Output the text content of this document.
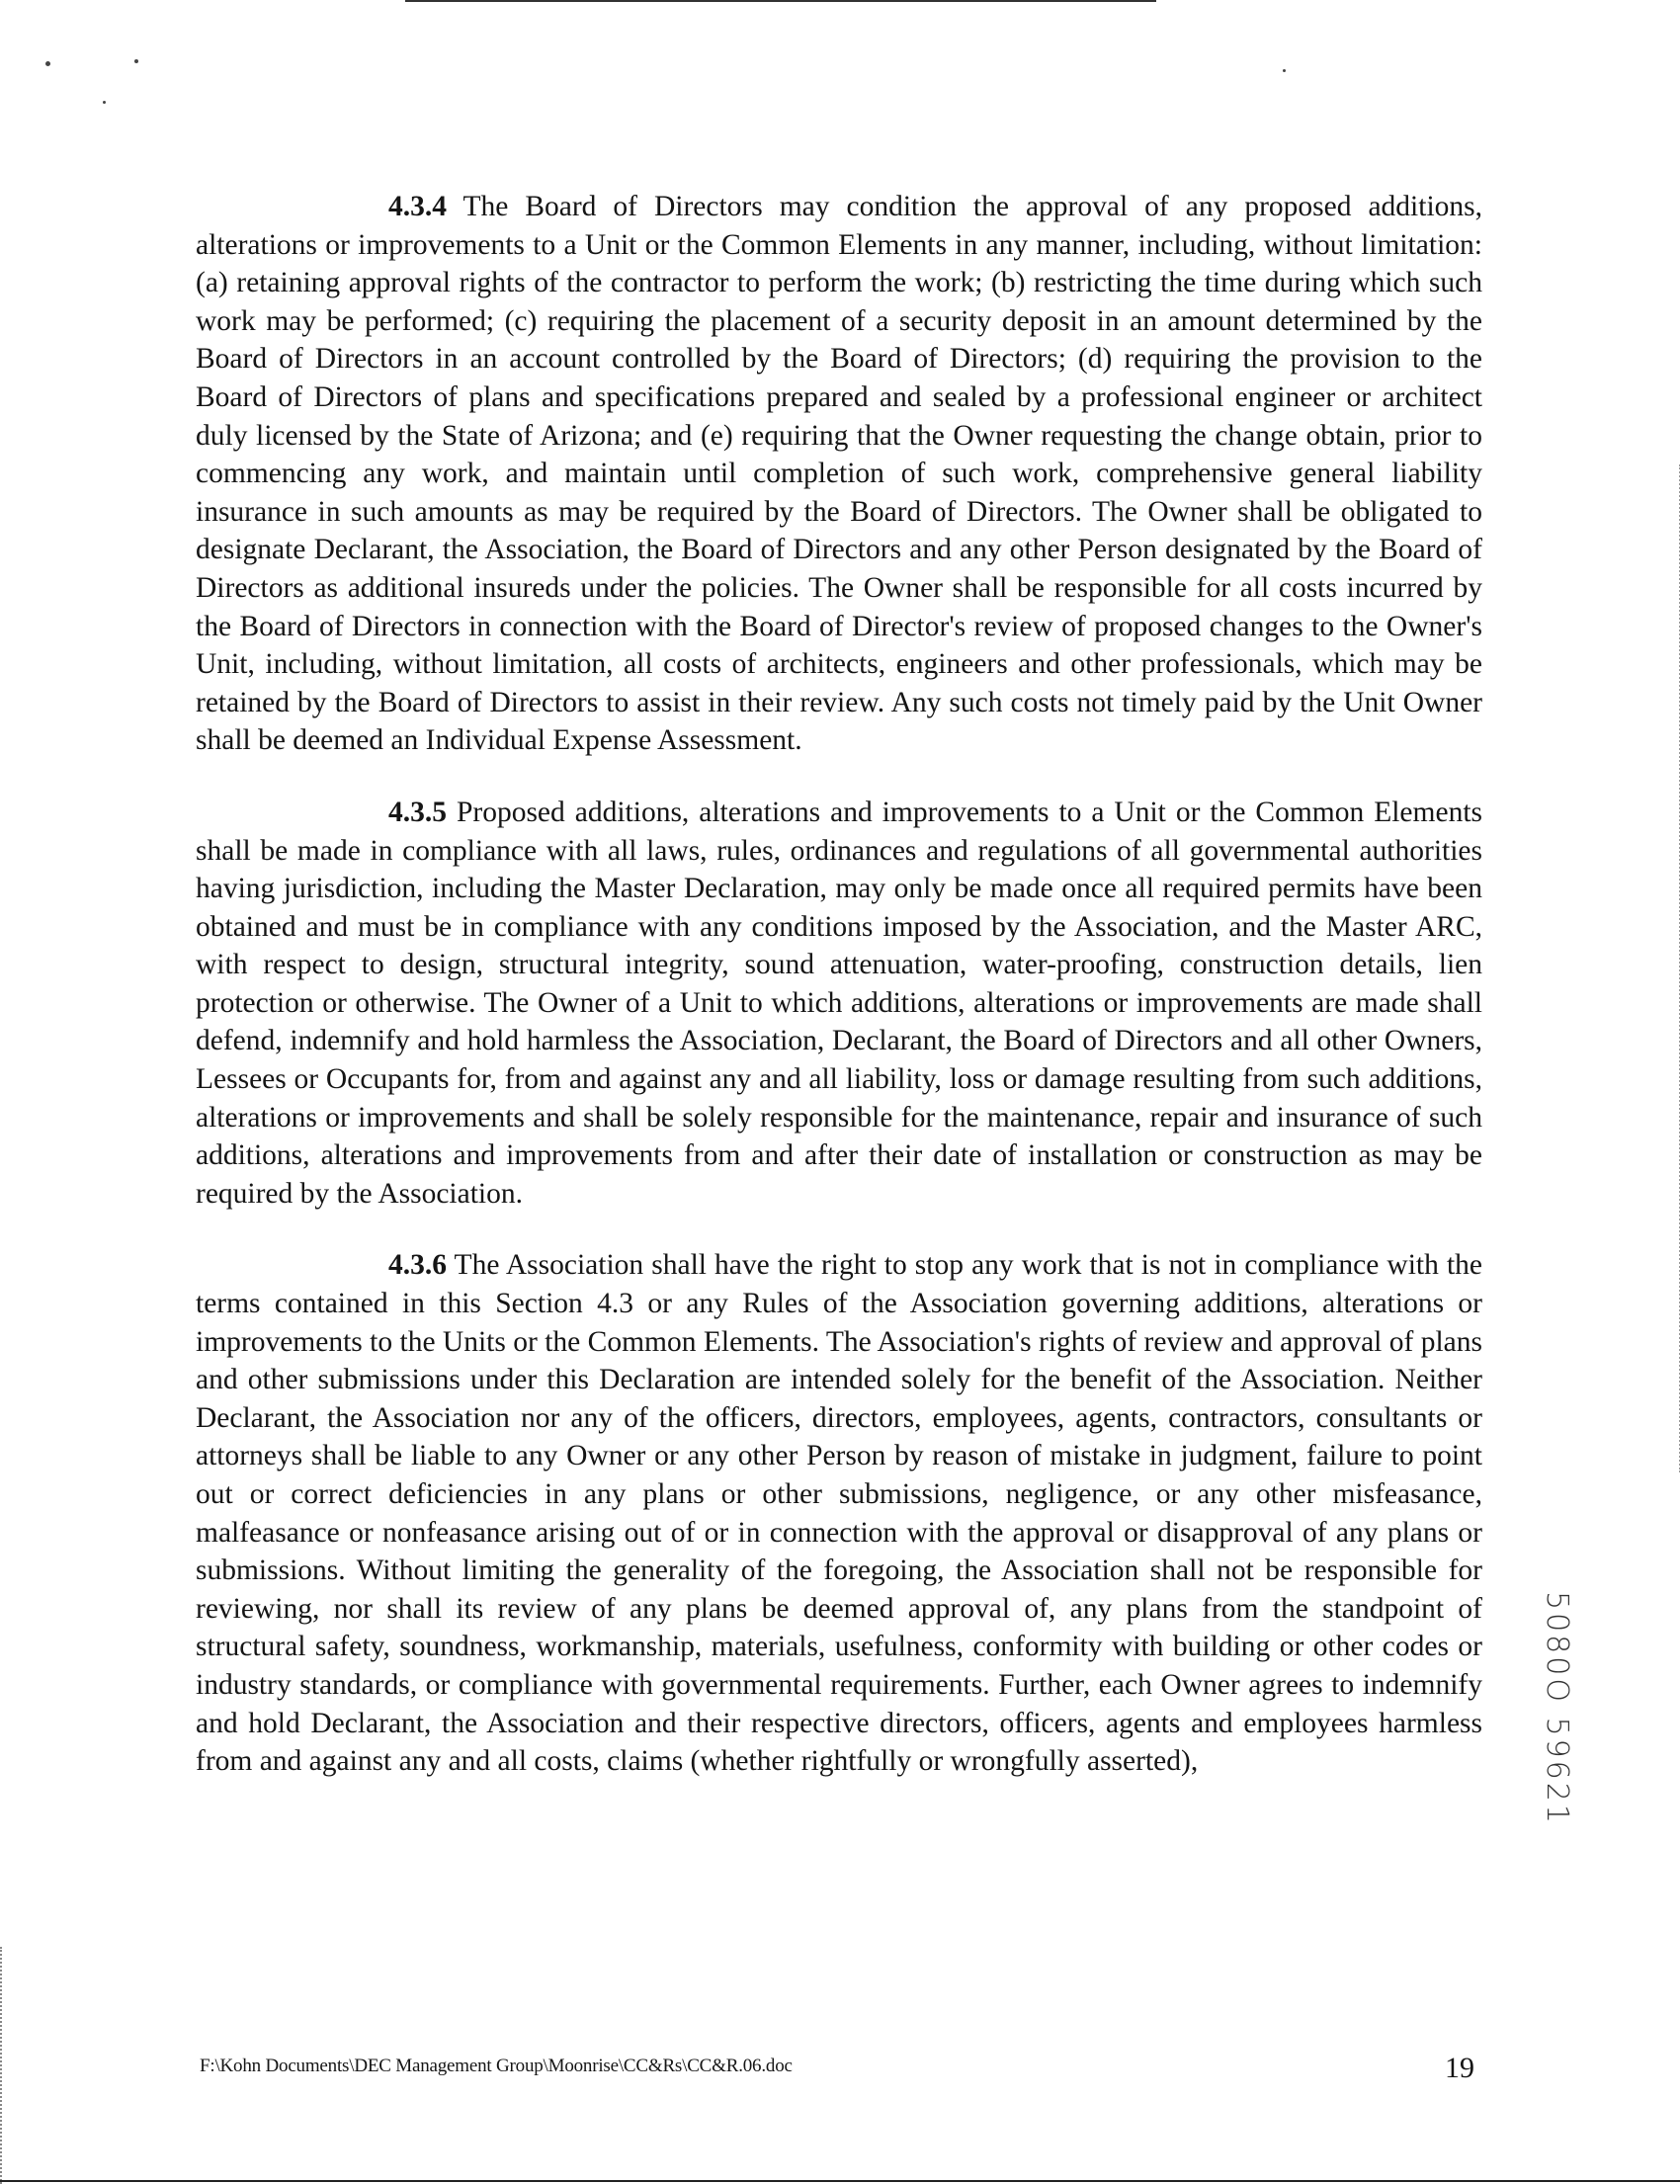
4.3.4 The Board of Directors may condition the approval of any proposed additions, alterations or improvements to a Unit or the Common Elements in any manner, including, without limitation: (a) retaining approval rights of the contractor to perform the work; (b) restricting the time during which such work may be performed; (c) requiring the placement of a security deposit in an amount determined by the Board of Directors in an account controlled by the Board of Directors; (d) requiring the provision to the Board of Directors of plans and specifications prepared and sealed by a professional engineer or architect duly licensed by the State of Arizona; and (e) requiring that the Owner requesting the change obtain, prior to commencing any work, and maintain until completion of such work, comprehensive general liability insurance in such amounts as may be required by the Board of Directors. The Owner shall be obligated to designate Declarant, the Association, the Board of Directors and any other Person designated by the Board of Directors as additional insureds under the policies. The Owner shall be responsible for all costs incurred by the Board of Directors in connection with the Board of Director's review of proposed changes to the Owner's Unit, including, without limitation, all costs of architects, engineers and other professionals, which may be retained by the Board of Directors to assist in their review. Any such costs not timely paid by the Unit Owner shall be deemed an Individual Expense Assessment.

4.3.5 Proposed additions, alterations and improvements to a Unit or the Common Elements shall be made in compliance with all laws, rules, ordinances and regulations of all governmental authorities having jurisdiction, including the Master Declaration, may only be made once all required permits have been obtained and must be in compliance with any conditions imposed by the Association, and the Master ARC, with respect to design, structural integrity, sound attenuation, water-proofing, construction details, lien protection or otherwise. The Owner of a Unit to which additions, alterations or improvements are made shall defend, indemnify and hold harmless the Association, Declarant, the Board of Directors and all other Owners, Lessees or Occupants for, from and against any and all liability, loss or damage resulting from such additions, alterations or improvements and shall be solely responsible for the maintenance, repair and insurance of such additions, alterations and improvements from and after their date of installation or construction as may be required by the Association.

4.3.6 The Association shall have the right to stop any work that is not in compliance with the terms contained in this Section 4.3 or any Rules of the Association governing additions, alterations or improvements to the Units or the Common Elements. The Association's rights of review and approval of plans and other submissions under this Declaration are intended solely for the benefit of the Association. Neither Declarant, the Association nor any of the officers, directors, employees, agents, contractors, consultants or attorneys shall be liable to any Owner or any other Person by reason of mistake in judgment, failure to point out or correct deficiencies in any plans or other submissions, negligence, or any other misfeasance, malfeasance or nonfeasance arising out of or in connection with the approval or disapproval of any plans or submissions. Without limiting the generality of the foregoing, the Association shall not be responsible for reviewing, nor shall its review of any plans be deemed approval of, any plans from the standpoint of structural safety, soundness, workmanship, materials, usefulness, conformity with building or other codes or industry standards, or compliance with governmental requirements. Further, each Owner agrees to indemnify and hold Declarant, the Association and their respective directors, officers, agents and employees harmless from and against any and all costs, claims (whether rightfully or wrongfully asserted),	5080O 59621
F:\Kohn Documents\DEC Management Group\Moonrise\CC&Rs\CC&R.06.doc	19
